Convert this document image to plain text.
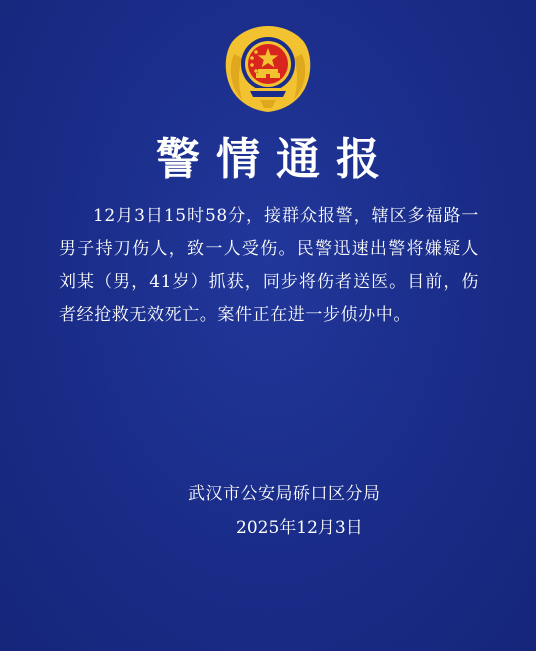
警情通报
12月3日15时58分，接群众报警，辖区多福路一男子持刀伤人，致一人受伤。民警迅速出警将嫌疑人刘某（男，41岁）抓获，同步将伤者送医。目前，伤者经抢救无效死亡。案件正在进一步侦办中。
武汉市公安局硚口区分局
2025年12月3日
